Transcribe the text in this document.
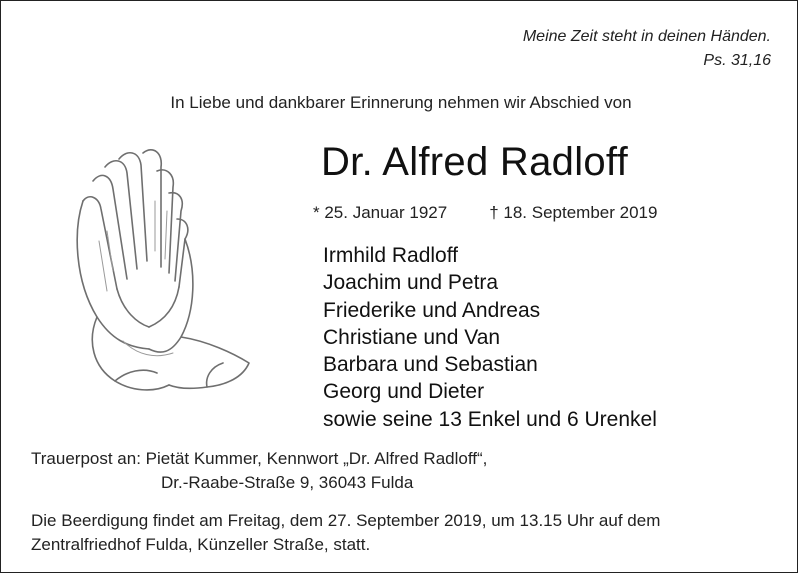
Meine Zeit steht in deinen Händen.
Ps. 31,16
In Liebe und dankbarer Erinnerung nehmen wir Abschied von
Dr. Alfred Radloff
* 25. Januar 1927 † 18. September 2019
Irmhild Radloff
Joachim und Petra
Friederike und Andreas
Christiane und Van
Barbara und Sebastian
Georg und Dieter
sowie seine 13 Enkel und 6 Urenkel
Trauerpost an: Pietät Kummer, Kennwort „Dr. Alfred Radloff“,
Dr.-Raabe-Straße 9, 36043 Fulda
Die Beerdigung findet am Freitag, dem 27. September 2019, um 13.15 Uhr auf dem
Zentralfriedhof Fulda, Künzeller Straße, statt.
